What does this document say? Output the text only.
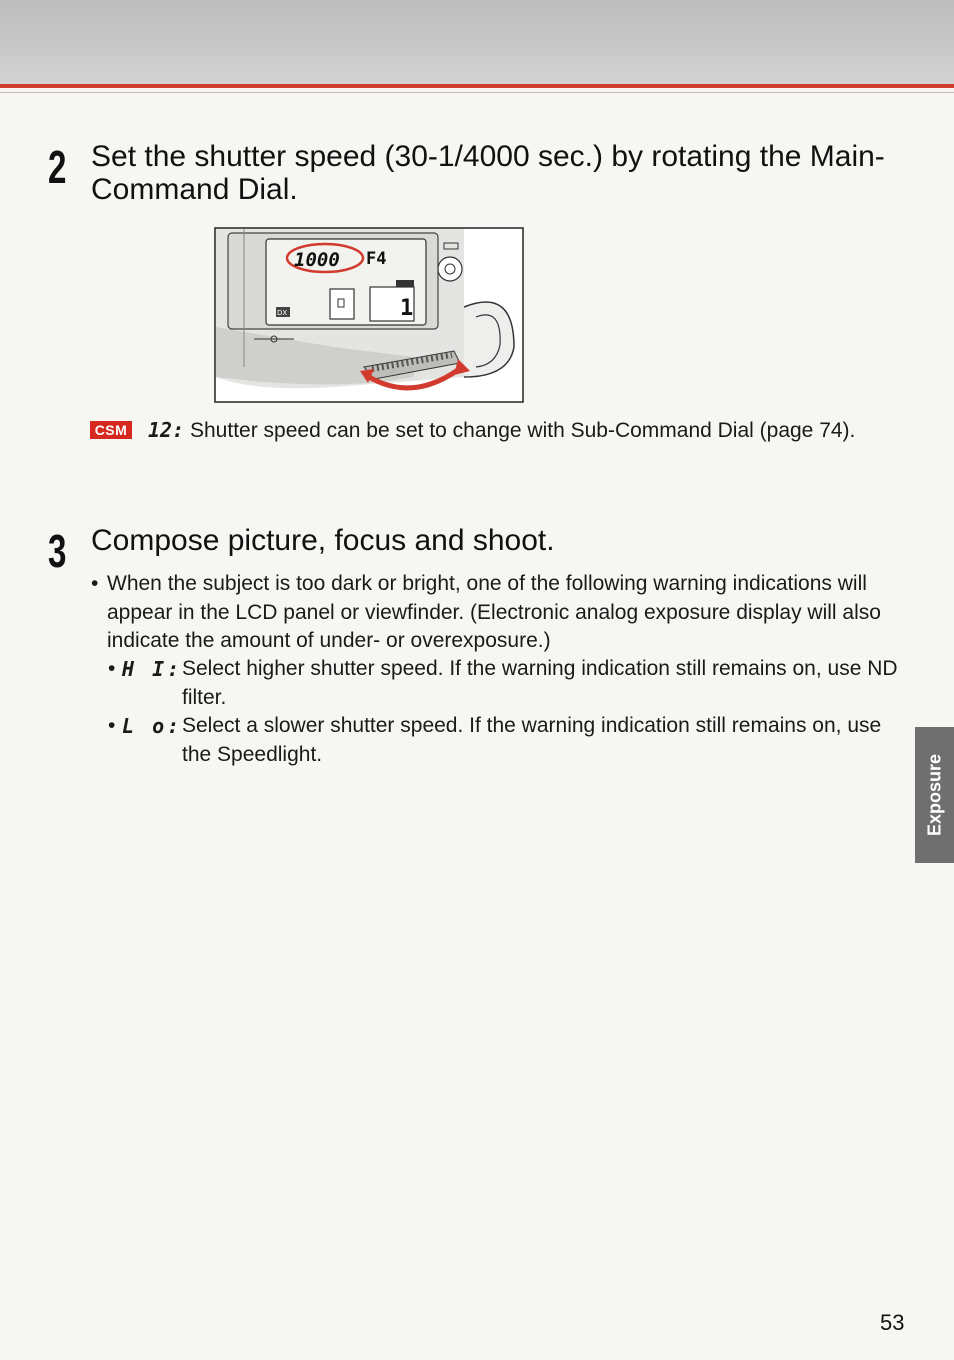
2 Set the shutter speed (30-1/4000 sec.) by rotating the Main-Command Dial.
1000 F4
DX	1
CSM 12: Shutter speed can be set to change with Sub-Command Dial (page 74).
3 Compose picture, focus and shoot.
• When the subject is too dark or bright, one of the following warning indications will appear in the LCD panel or viewfinder. (Electronic analog exposure display will also indicate the amount of under- or overexposure.)
• H I: Select higher shutter speed. If the warning indication still remains on, use ND filter.
• L o: Select a slower shutter speed. If the warning indication still remains on, use the Speedlight.	Exposure
53
